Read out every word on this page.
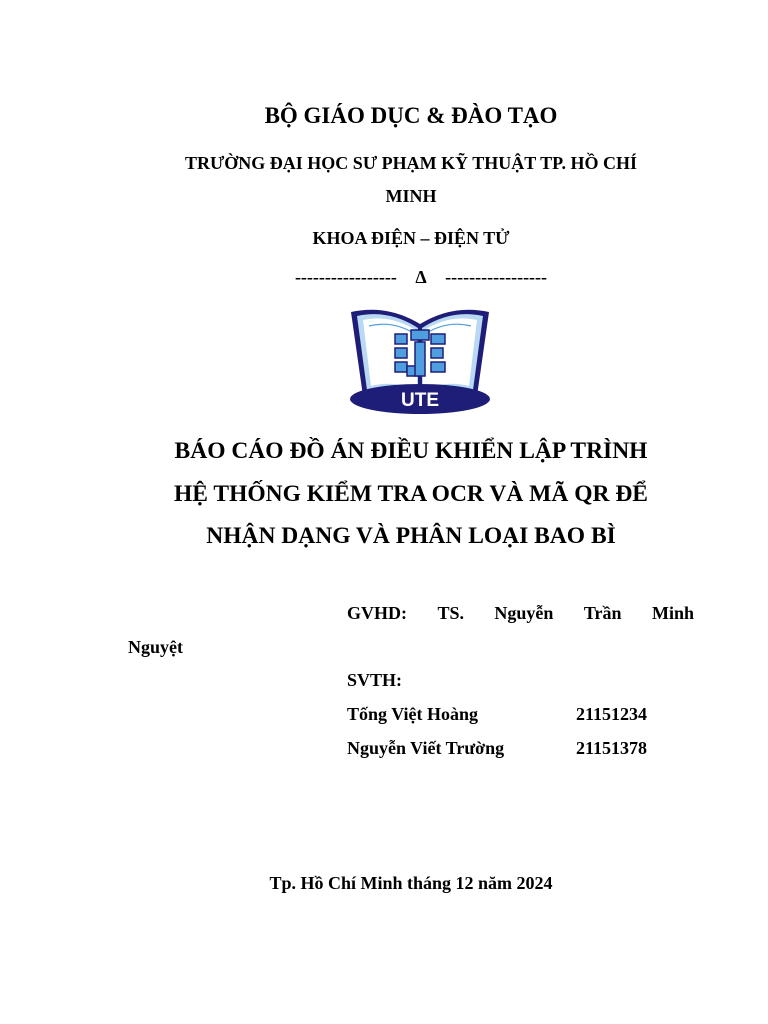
BỘ GIÁO DỤC & ĐÀO TẠO
TRƯỜNG ĐẠI HỌC SƯ PHẠM KỸ THUẬT TP. HỒ CHÍ
MINH
KHOA ĐIỆN – ĐIỆN TỬ
----------------- Δ -----------------
UTE
BÁO CÁO ĐỒ ÁN ĐIỀU KHIỂN LẬP TRÌNH
HỆ THỐNG KIỂM TRA OCR VÀ MÃ QR ĐỂ
NHẬN DẠNG VÀ PHÂN LOẠI BAO BÌ
GVHD: TS. Nguyễn Trần Minh
Nguyệt
SVTH:
Tống Việt Hoàng	21151234
Nguyễn Viết Trường	21151378
Tp. Hồ Chí Minh tháng 12 năm 2024
